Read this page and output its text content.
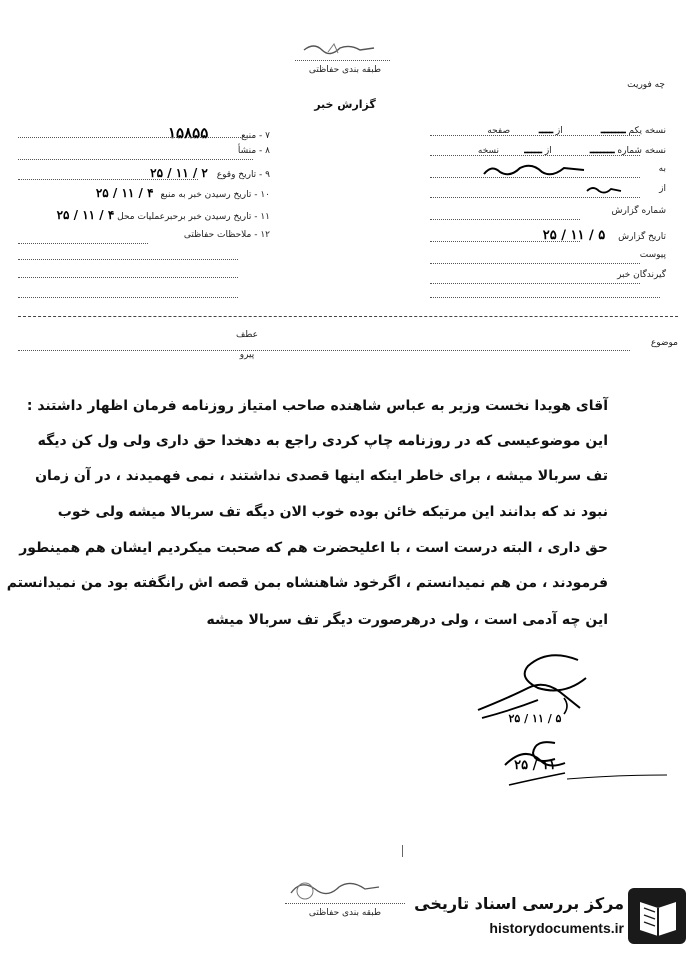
طبقه بندی حفاظتی
گزارش خبر
چه فوریت
نسخه یکم ـــــــ از ــــ صفحه
نسخه شماره ـــــــ از ـــــ نسخه
به
از
شماره گزارش
تاریخ گزارش ۵ / ۱۱ / ۲۵
پیوست
گیرندگان خبر
۷ - منبع ۱۵۸۵۵
۸ - منشأ
۹ - تاریخ وقوع ۲ / ۱۱ / ۲۵
۱۰ - تاریخ رسیدن خبر به منبع ۴ / ۱۱ / ۲۵
۱۱ - تاریخ رسیدن خبر برحبرعملیات محل ۴ / ۱۱ / ۲۵
۱۲ - ملاحظات حفاظتی
موضوع
عطف
پیرو
آقای هویدا نخست وزیر به عباس شاهنده صاحب امتیاز روزنامه فرمان اظهار داشتند :
این موضوعیسی که در روزنامه چاپ کردی راجع به دهخدا حق داری ولی ول کن دیگه
تف سربالا میشه ، برای خاطر اینکه اینها قصدی نداشتند ، نمی فهمیدند ، در آن زمان
نبود ند که بدانند این مرتیکه خائن بوده خوب الان دیگه تف سربالا میشه ولی خوب
حق داری ، البته درست است ، با اعلیحضرت هم که صحبت میکردیم ایشان هم همینطور
فرمودند ، من هم نمیدانستم ، اگرخود شاهنشاه بمن قصه اش رانگفته بود من نمیدانستم
این چه آدمی است ، ولی درهرصورت دیگر تف سربالا میشه
۵ / ۱۱ / ۲۵
۱۱ / ۲۵
طبقه بندی حفاظتی	مرکز بررسی اسناد تاریخی
historydocuments.ir
